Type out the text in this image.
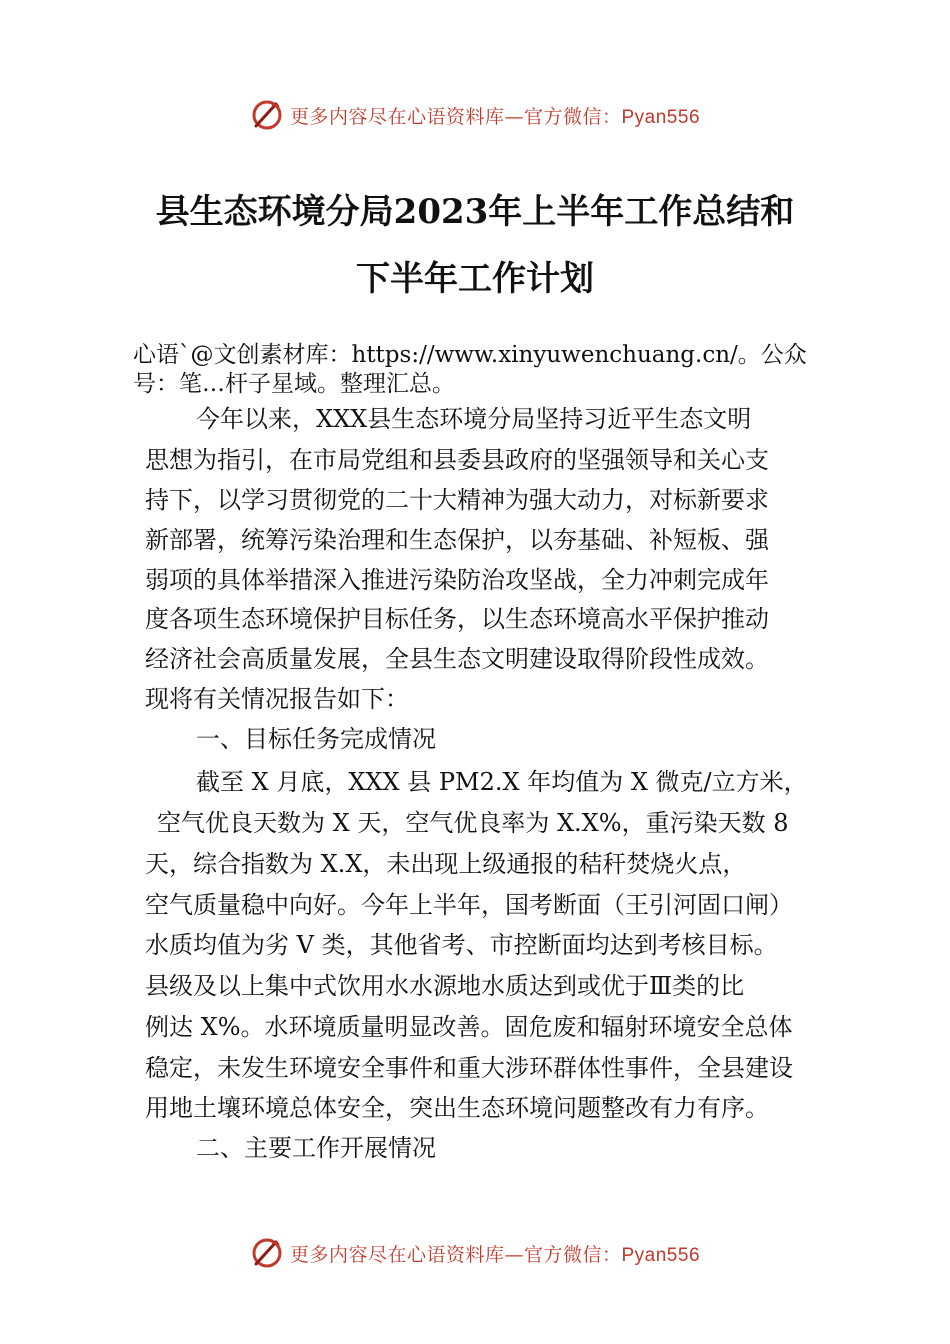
更多内容尽在心语资料库—官方微信：Pyan556
县生态环境分局2023年上半年工作总结和
下半年工作计划
心语`@文创素材库：https://www.xinyuwenchuang.cn/。公众
号：笔…杆子星域。整理汇总。
今年以来，XXX县生态环境分局坚持习近平生态文明
思想为指引，在市局党组和县委县政府的坚强领导和关心支
持下，以学习贯彻党的二十大精神为强大动力，对标新要求
新部署，统筹污染治理和生态保护，以夯基础、补短板、强
弱项的具体举措深入推进污染防治攻坚战，全力冲刺完成年
度各项生态环境保护目标任务，以生态环境高水平保护推动
经济社会高质量发展，全县生态文明建设取得阶段性成效。
现将有关情况报告如下：
一、目标任务完成情况
截至 X 月底，XXX 县 PM2.X 年均值为 X 微克/立方米，
空气优良天数为 X 天，空气优良率为 X.X%，重污染天数 8
天，综合指数为 X.X，未出现上级通报的秸秆焚烧火点，
空气质量稳中向好。今年上半年，国考断面（王引河固口闸）
水质均值为劣 V 类，其他省考、市控断面均达到考核目标。
县级及以上集中式饮用水水源地水质达到或优于Ⅲ类的比
例达 X%。水环境质量明显改善。固危废和辐射环境安全总体
稳定，未发生环境安全事件和重大涉环群体性事件，全县建设
用地土壤环境总体安全，突出生态环境问题整改有力有序。
二、主要工作开展情况
更多内容尽在心语资料库—官方微信：Pyan556
